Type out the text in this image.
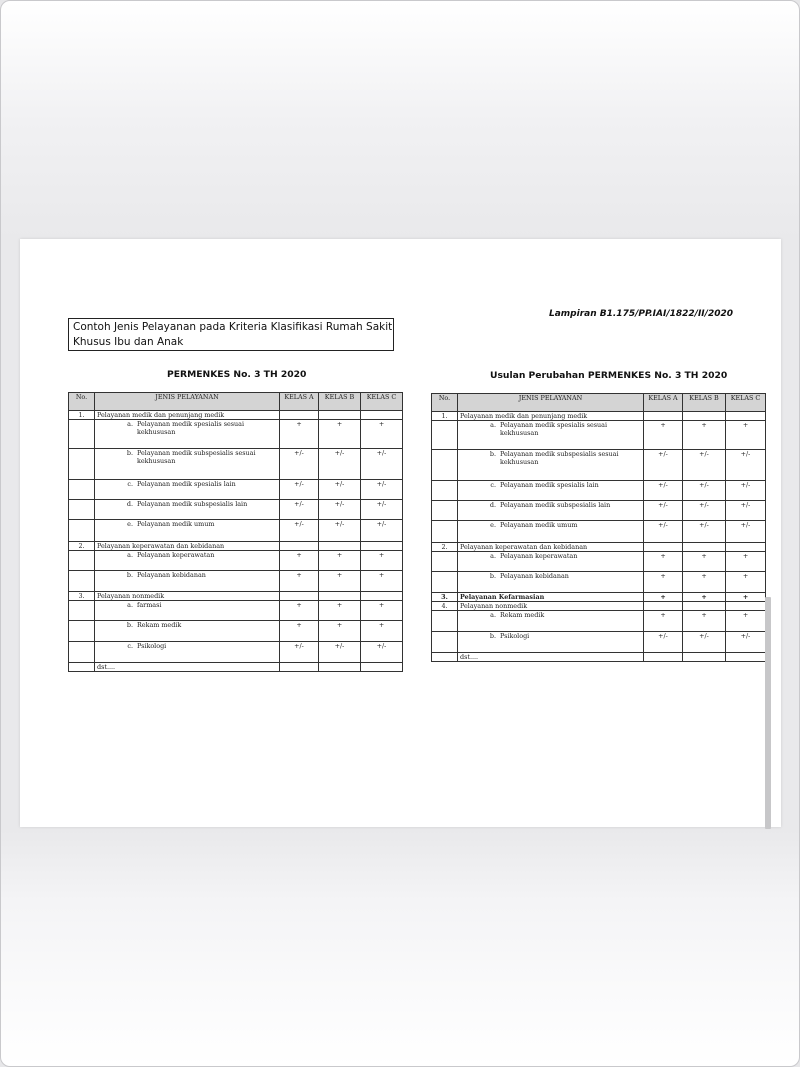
Lampiran B1.175/PP.IAI/1822/II/2020
Contoh Jenis Pelayanan pada Kriteria Klasifikasi Rumah Sakit Khusus Ibu dan Anak
PERMENKES No. 3 TH 2020
No.	JENIS PELAYANAN	KELAS A	KELAS B	KELAS C
1.	Pelayanan medik dan penunjang medik			
	a. Pelayanan medik spesialis sesuai kekhususan	+	+	+
	b. Pelayanan medik subspesialis sesuai kekhususan	+/-	+/-	+/-
	c. Pelayanan medik spesialis lain	+/-	+/-	+/-
	d. Pelayanan medik subspesialis lain	+/-	+/-	+/-
	e. Pelayanan medik umum	+/-	+/-	+/-
2.	Pelayanan keperawatan dan kebidanan			
	a. Pelayanan keperawatan	+	+	+
	b. Pelayanan kebidanan	+	+	+
3.	Pelayanan nonmedik			
	a. farmasi	+	+	+
	b. Rekam medik	+	+	+
	c. Psikologi	+/-	+/-	+/-
	dst....			
Usulan Perubahan PERMENKES No. 3 TH 2020
No.	JENIS PELAYANAN	KELAS A	KELAS B	KELAS C
1.	Pelayanan medik dan penunjang medik			
	a. Pelayanan medik spesialis sesuai kekhususan	+	+	+
	b. Pelayanan medik subspesialis sesuai kekhususan	+/-	+/-	+/-
	c. Pelayanan medik spesialis lain	+/-	+/-	+/-
	d. Pelayanan medik subspesialis lain	+/-	+/-	+/-
	e. Pelayanan medik umum	+/-	+/-	+/-
2.	Pelayanan keperawatan dan kebidanan			
	a. Pelayanan keperawatan	+	+	+
	b. Pelayanan kebidanan	+	+	+
3.	Pelayanan Kefarmasian	+	+	+
4.	Pelayanan nonmedik			
	a. Rekam medik	+	+	+
	b. Psikologi	+/-	+/-	+/-
	dst....			
